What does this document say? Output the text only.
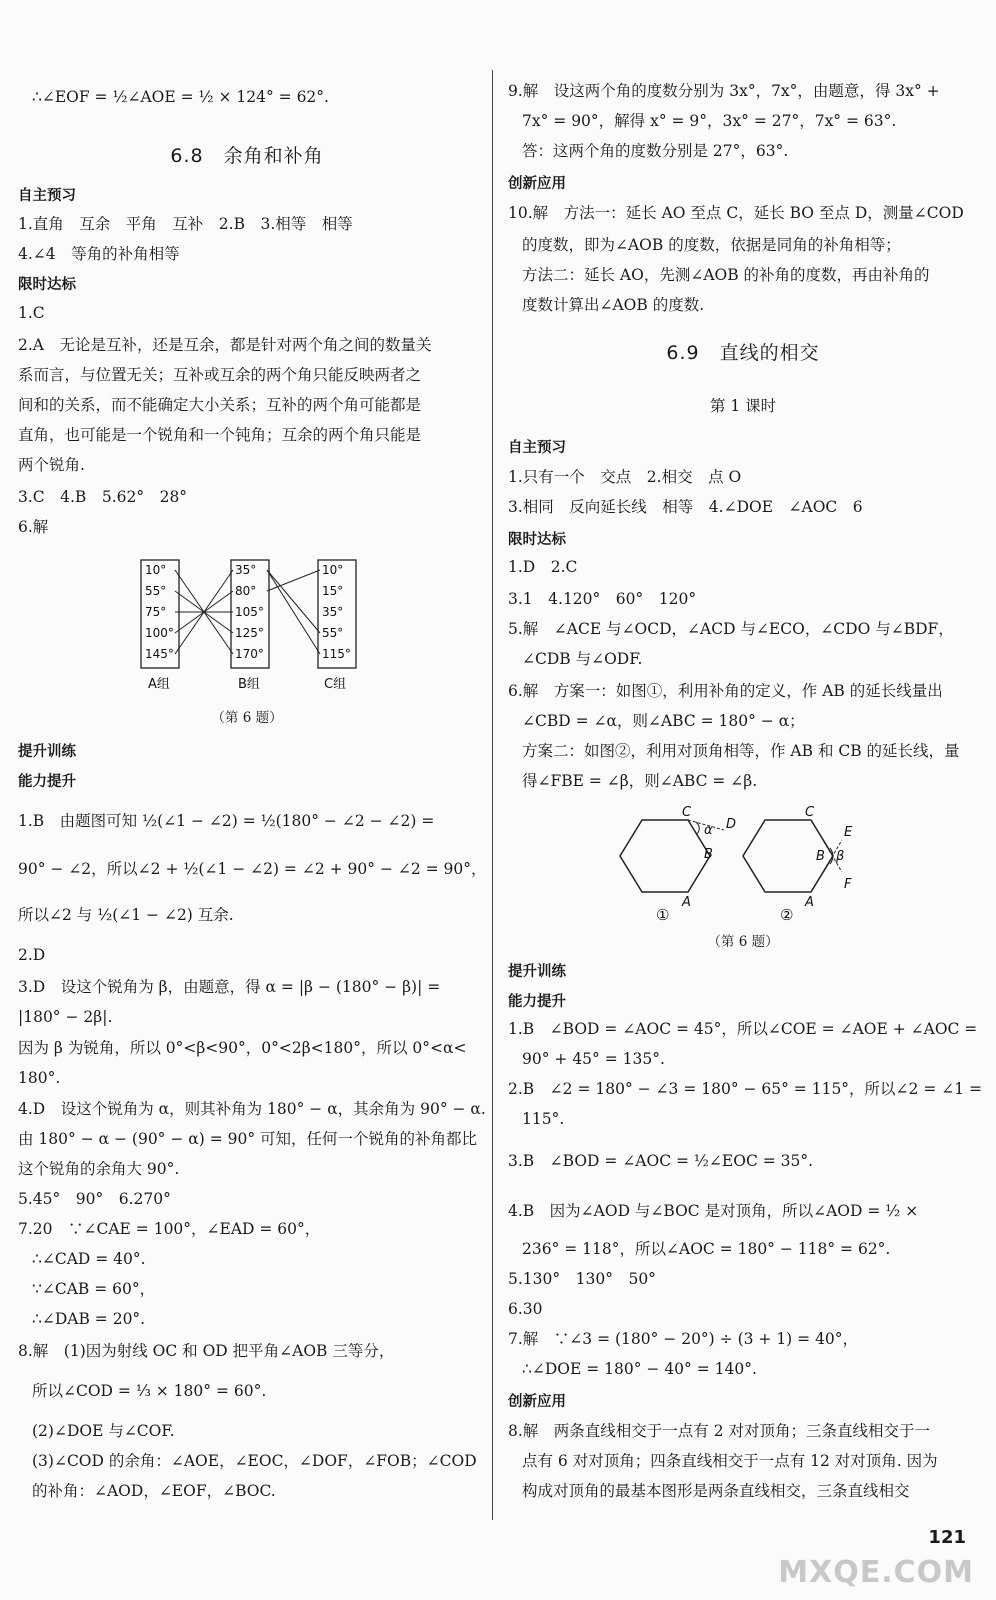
∴∠EOF = ½∠AOE = ½ × 124° = 62°.
6.8　余角和补角
自主预习
1.直角　互余　平角　互补　2.B　3.相等　相等
4.∠4　等角的补角相等
限时达标
1.C
2.A　无论是互补，还是互余，都是针对两个角之间的数量关
系而言，与位置无关；互补或互余的两个角只能反映两者之
间和的关系，而不能确定大小关系；互补的两个角可能都是
直角，也可能是一个锐角和一个钝角；互余的两个角只能是
两个锐角.
3.C　4.B　5.62°　28°
6.解
10°
55°
75°
100°
145°
35°
80°
105°
125°
170°
10°
15°
35°
55°
115°
A组	B组	C组
（第 6 题）
提升训练
能力提升
1.B　由题图可知 ½(∠1 − ∠2) = ½(180° − ∠2 − ∠2) =
90° − ∠2，所以∠2 + ½(∠1 − ∠2) = ∠2 + 90° − ∠2 = 90°，
所以∠2 与 ½(∠1 − ∠2) 互余.
2.D
3.D　设这个锐角为 β，由题意，得 α = |β − (180° − β)| =
|180° − 2β|.
因为 β 为锐角，所以 0°<β<90°，0°<2β<180°，所以 0°<α<
180°.
4.D　设这个锐角为 α，则其补角为 180° − α，其余角为 90° − α.
由 180° − α − (90° − α) = 90° 可知，任何一个锐角的补角都比
这个锐角的余角大 90°.
5.45°　90°　6.270°
7.20　∵∠CAE = 100°，∠EAD = 60°，
∴∠CAD = 40°.
∵∠CAB = 60°，
∴∠DAB = 20°.
8.解　(1)因为射线 OC 和 OD 把平角∠AOB 三等分，
所以∠COD = ⅓ × 180° = 60°.
(2)∠DOE 与∠COF.
(3)∠COD 的余角：∠AOE，∠EOC，∠DOF，∠FOB；∠COD
的补角：∠AOD，∠EOF，∠BOC.
9.解　设这两个角的度数分别为 3x°，7x°，由题意，得 3x° +
7x° = 90°，解得 x° = 9°，3x° = 27°，7x° = 63°.
答：这两个角的度数分别是 27°，63°.
创新应用
10.解　方法一：延长 AO 至点 C，延长 BO 至点 D，测量∠COD
的度数，即为∠AOB 的度数，依据是同角的补角相等；
方法二：延长 AO，先测∠AOB 的补角的度数，再由补角的
度数计算出∠AOB 的度数.
6.9　直线的相交
第 1 课时
自主预习
1.只有一个　交点　2.相交　点 O
3.相同　反向延长线　相等　4.∠DOE　∠AOC　6
限时达标
1.D　2.C
3.1　4.120°　60°　120°
5.解　∠ACE 与∠OCD，∠ACD 与∠ECO，∠CDO 与∠BDF，
∠CDB 与∠ODF.
6.解　方案一：如图①，利用补角的定义，作 AB 的延长线量出
∠CBD = ∠α，则∠ABC = 180° − α；
方案二：如图②，利用对顶角相等，作 AB 和 CB 的延长线，量
得∠FBE = ∠β，则∠ABC = ∠β.
C
D
B
A
α
C
E
B
A
F
β
①	②
（第 6 题）
提升训练
能力提升
1.B　∠BOD = ∠AOC = 45°，所以∠COE = ∠AOE + ∠AOC =
90° + 45° = 135°.
2.B　∠2 = 180° − ∠3 = 180° − 65° = 115°，所以∠2 = ∠1 =
115°.
3.B　∠BOD = ∠AOC = ½∠EOC = 35°.
4.B　因为∠AOD 与∠BOC 是对顶角，所以∠AOD = ½ ×
236° = 118°，所以∠AOC = 180° − 118° = 62°.
5.130°　130°　50°
6.30
7.解　∵∠3 = (180° − 20°) ÷ (3 + 1) = 40°，
∴∠DOE = 180° − 40° = 140°.
创新应用
8.解　两条直线相交于一点有 2 对对顶角；三条直线相交于一
点有 6 对对顶角；四条直线相交于一点有 12 对对顶角. 因为
构成对顶角的最基本图形是两条直线相交，三条直线相交
121
MXQE.COM
